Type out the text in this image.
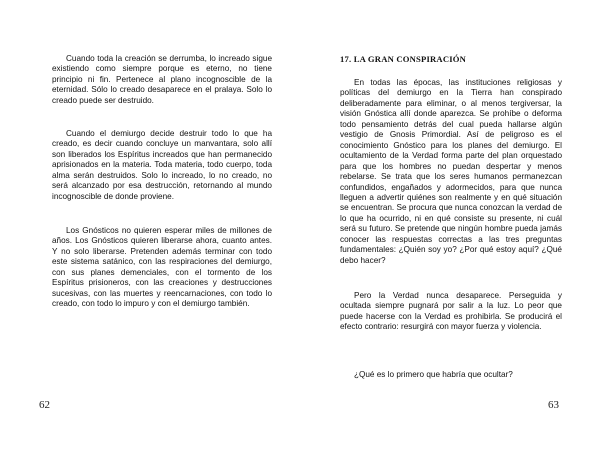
Cuando toda la creación se derrumba, lo increado sigue existiendo como siempre porque es eterno, no tiene principio ni fin. Pertenece al plano incognoscible de la eternidad. Sólo lo creado desaparece en el pralaya. Solo lo creado puede ser destruido.

Cuando el demiurgo decide destruir todo lo que ha creado, es decir cuando concluye un manvantara, solo allí son liberados los Espíritus increados que han permanecido aprisionados en la materia. Toda materia, todo cuerpo, toda alma serán destruidos. Solo lo increado, lo no creado, no será alcanzado por esa destrucción, retornando al mundo incognoscible de donde proviene.

Los Gnósticos no quieren esperar miles de millones de años. Los Gnósticos quieren liberarse ahora, cuanto antes. Y no solo liberarse. Pretenden además terminar con todo este sistema satánico, con las respiraciones del demiurgo, con sus planes demenciales, con el tormento de los Espíritus prisioneros, con las creaciones y destrucciones sucesivas, con las muertes y reencarnaciones, con todo lo creado, con todo lo impuro y con el demiurgo también.

62
17. LA GRAN CONSPIRACIÓN

En todas las épocas, las instituciones religiosas y políticas del demiurgo en la Tierra han conspirado deliberadamente para eliminar, o al menos tergiversar, la visión Gnóstica allí donde aparezca. Se prohíbe o deforma todo pensamiento detrás del cual pueda hallarse algún vestigio de Gnosis Primordial. Así de peligroso es el conocimiento Gnóstico para los planes del demiurgo. El ocultamiento de la Verdad forma parte del plan orquestado para que los hombres no puedan despertar y menos rebelarse. Se trata que los seres humanos permanezcan confundidos, engañados y adormecidos, para que nunca lleguen a advertir quiénes son realmente y en qué situación se encuentran. Se procura que nunca conozcan la verdad de lo que ha ocurrido, ni en qué consiste su presente, ni cuál será su futuro. Se pretende que ningún hombre pueda jamás conocer las respuestas correctas a las tres preguntas fundamentales: ¿Quién soy yo? ¿Por qué estoy aquí? ¿Qué debo hacer?

Pero la Verdad nunca desaparece. Perseguida y ocultada siempre pugnará por salir a la luz. Lo peor que puede hacerse con la Verdad es prohibirla. Se producirá el efecto contrario: resurgirá con mayor fuerza y violencia.

¿Qué es lo primero que habría que ocultar?

63
